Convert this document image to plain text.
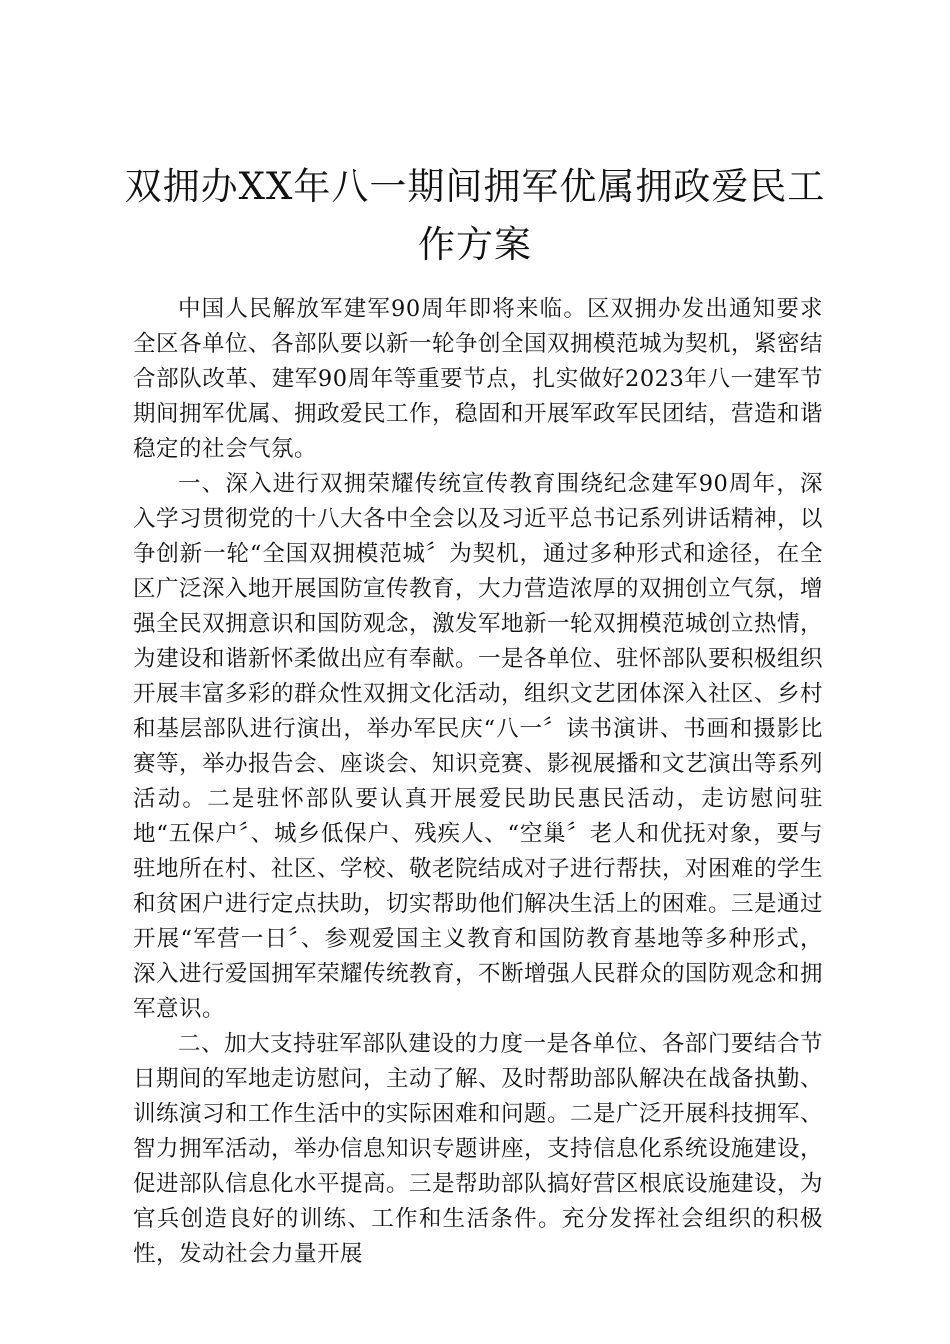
双拥办XX年八一期间拥军优属拥政爱民工作方案

中国人民解放军建军90周年即将来临。区双拥办发出通知要求全区各单位、各部队要以新一轮争创全国双拥模范城为契机，紧密结合部队改革、建军90周年等重要节点，扎实做好2023年八一建军节期间拥军优属、拥政爱民工作，稳固和开展军政军民团结，营造和谐稳定的社会气氛。

一、深入进行双拥荣耀传统宣传教育围绕纪念建军90周年，深入学习贯彻党的十八大各中全会以及习近平总书记系列讲话精神，以争创新一轮“全国双拥模范城〞为契机，通过多种形式和途径，在全区广泛深入地开展国防宣传教育，大力营造浓厚的双拥创立气氛，增强全民双拥意识和国防观念，激发军地新一轮双拥模范城创立热情，为建设和谐新怀柔做出应有奉献。一是各单位、驻怀部队要积极组织开展丰富多彩的群众性双拥文化活动，组织文艺团体深入社区、乡村和基层部队进行演出，举办军民庆“八一〞读书演讲、书画和摄影比赛等，举办报告会、座谈会、知识竞赛、影视展播和文艺演出等系列活动。二是驻怀部队要认真开展爱民助民惠民活动，走访慰问驻地“五保户〞、城乡低保户、残疾人、“空巢〞老人和优抚对象，要与驻地所在村、社区、学校、敬老院结成对子进行帮扶，对困难的学生和贫困户进行定点扶助，切实帮助他们解决生活上的困难。三是通过开展“军营一日〞、参观爱国主义教育和国防教育基地等多种形式，深入进行爱国拥军荣耀传统教育，不断增强人民群众的国防观念和拥军意识。

二、加大支持驻军部队建设的力度一是各单位、各部门要结合节日期间的军地走访慰问，主动了解、及时帮助部队解决在战备执勤、训练演习和工作生活中的实际困难和问题。二是广泛开展科技拥军、智力拥军活动，举办信息知识专题讲座，支持信息化系统设施建设，促进部队信息化水平提高。三是帮助部队搞好营区根底设施建设，为官兵创造良好的训练、工作和生活条件。充分发挥社会组织的积极性，发动社会力量开展
